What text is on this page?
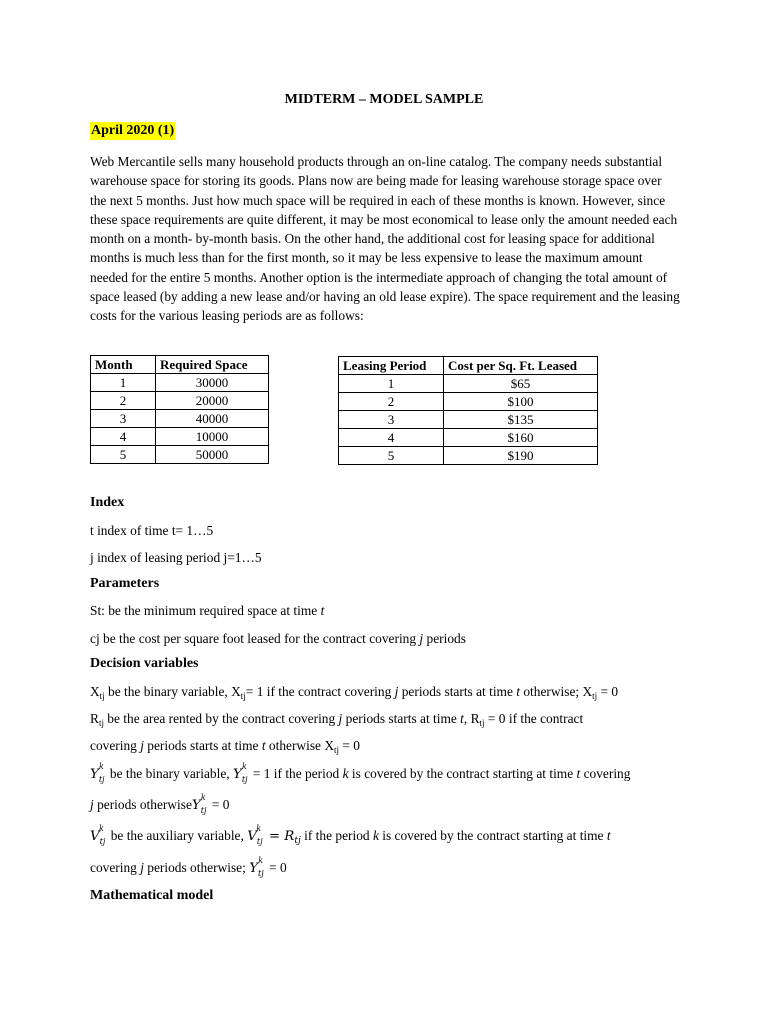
MIDTERM – MODEL SAMPLE
April 2020 (1)
Web Mercantile sells many household products through an on-line catalog. The company needs substantial warehouse space for storing its goods. Plans now are being made for leasing warehouse storage space over the next 5 months. Just how much space will be required in each of these months is known. However, since these space requirements are quite different, it may be most economical to lease only the amount needed each month on a month- by-month basis. On the other hand, the additional cost for leasing space for additional months is much less than for the first month, so it may be less expensive to lease the maximum amount needed for the entire 5 months. Another option is the intermediate approach of changing the total amount of space leased (by adding a new lease and/or having an old lease expire). The space requirement and the leasing costs for the various leasing periods are as follows:
Month	Required Space
1	30000
2	20000
3	40000
4	10000
5	50000
Leasing Period	Cost per Sq. Ft. Leased
1	$65
2	$100
3	$135
4	$160
5	$190
Index
t index of time t= 1…5
j index of leasing period j=1…5
Parameters
St: be the minimum required space at time t
cj be the cost per square foot leased for the contract covering j periods
Decision variables
$X_{tj}$ be the binary variable, $X_{tj}= 1$ if the contract covering j periods starts at time t otherwise; $X_{tj} = 0$
$R_{tj}$ be the area rented by the contract covering j periods starts at time t, $R_{tj} = 0$ if the contract
covering j periods starts at time t otherwise $X_{tj} = 0$
Y
k
$_{tj}$ be the binary variable, Y
k
$_{tj}$ = 1 if the period k is covered by the contract starting at time t covering
j periods otherwiseY
k
$_{tj}$ = 0
V
k
$_{tj}$ be the auxiliary variable, V
k
$_{tj} = R_{tj}$ if the period k is covered by the contract starting at time t
covering j periods otherwise; Y
k
$_{tj}$ = 0
Mathematical model
